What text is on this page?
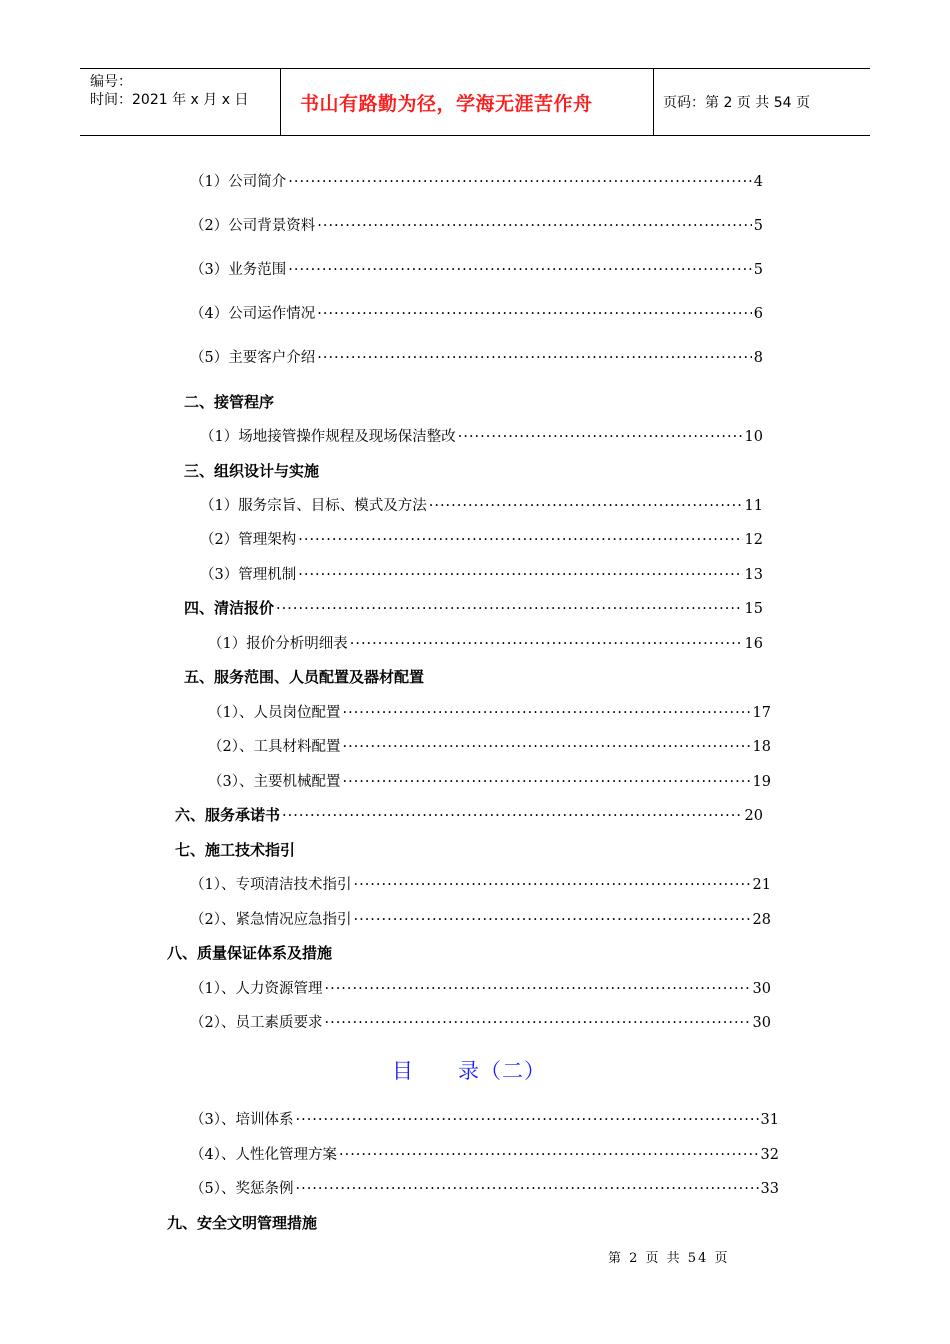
编号：
时间：2021 年 x 月 x 日	书山有路勤为径，学海无涯苦作舟	页码：第 2 页 共 54 页
（1）公司简介 ·····	4
（2）公司背景资料 ·····	5
（3）业务范围 ·····	5
（4）公司运作情况 ·····	6
（5）主要客户介绍 ·····	8
二、接管程序
（1）场地接管操作规程及现场保洁整改 ·····	10
三、组织设计与实施
（1）服务宗旨、目标、模式及方法 ·····	11
（2）管理架构 ·····	12
（3）管理机制 ·····	13
四、清洁报价 ·····	15
（1）报价分析明细表 ·····	16
五、服务范围、人员配置及器材配置
（1）、人员岗位配置 ·····	17
（2）、工具材料配置 ·····	18
（3）、主要机械配置 ·····	19
六、服务承诺书 ·····	20
七、施工技术指引
（1）、专项清洁技术指引 ·····	21
（2）、紧急情况应急指引 ·····	28
八、质量保证体系及措施
（1）、人力资源管理 ·····	30
（2）、员工素质要求 ·····	30
（3）、培训体系 ·····	31
（4）、人性化管理方案 ·····	32
（5）、奖惩条例 ·····	33
九、安全文明管理措施
目　　录（二）
第 2 页 共 54 页
